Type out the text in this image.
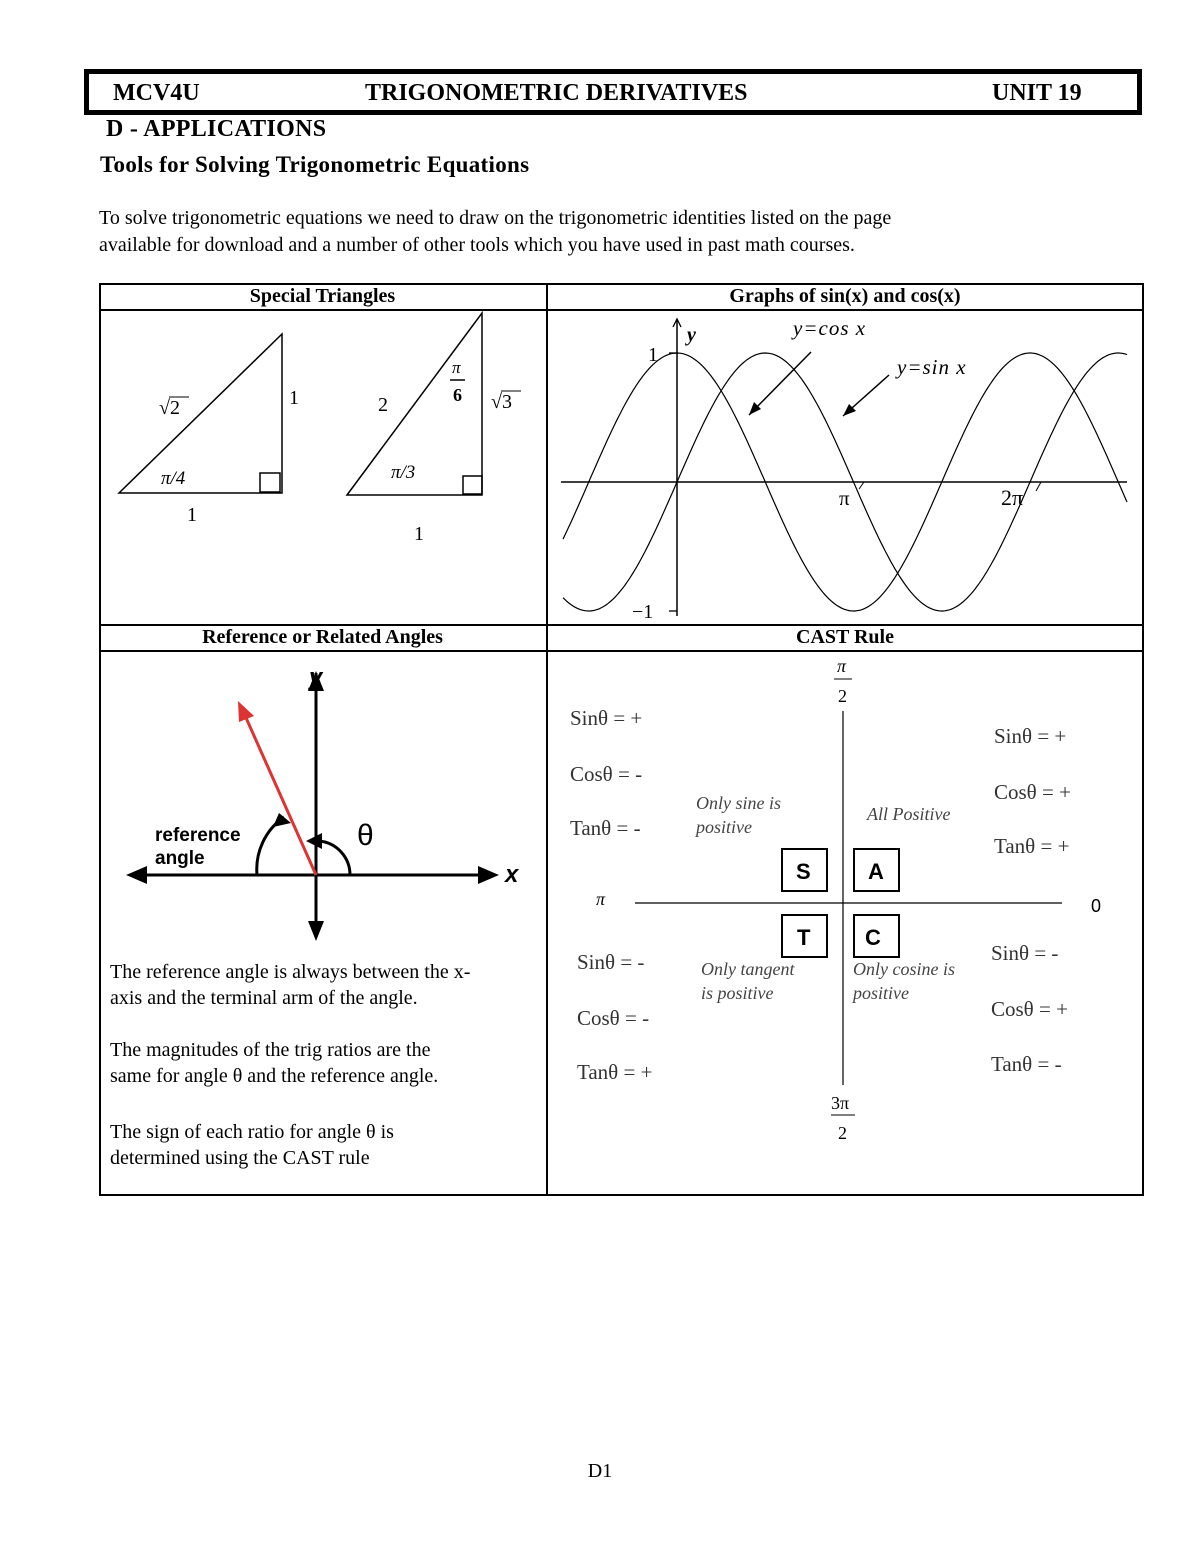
MCV4U	TRIGONOMETRIC DERIVATIVES	UNIT 19
D - APPLICATIONS
Tools for Solving Trigonometric Equations
To solve trigonometric equations we need to draw on the trigonometric identities listed on the page
available for download and a number of other tools which you have used in past math courses.
Special Triangles	Graphs of sin(x) and cos(x)
Reference or Related Angles	CAST Rule
√2	1
1
π/4
2	√3
1
π/3
π
6
y
1
−1
π	2π
y=cos x
y=sin x
y
x
θ
reference
angle
The reference angle is always between the x-
axis and the terminal arm of the angle.
The magnitudes of the trig ratios are the
same for angle θ and the reference angle.
The sign of each ratio for angle θ is
determined using the CAST rule
π
2
π	0
3π
2
S	A
T C
Sinθ = +
Cosθ = -
Tanθ = -
Sinθ = +
Cosθ = +
Tanθ = +
Sinθ = -
Cosθ = -
Tanθ = +
Sinθ = -
Cosθ = +
Tanθ = -
Only sine is
positive
All Positive
Only tangent
is positive
Only cosine is
positive
D1
